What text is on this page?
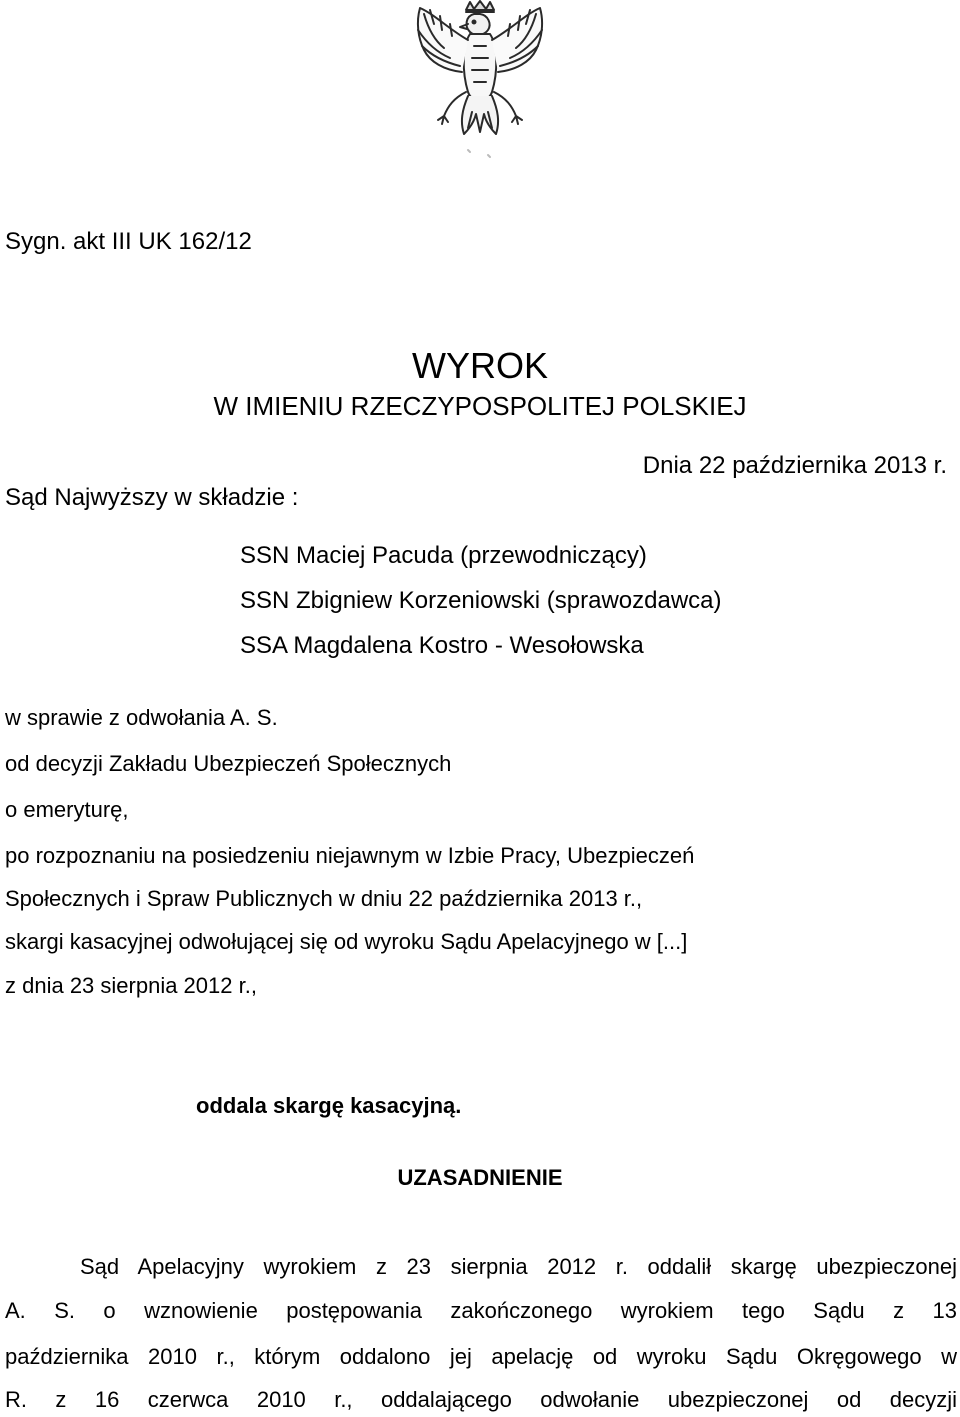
Sygn. akt III UK 162/12
WYROK
W IMIENIU RZECZYPOSPOLITEJ POLSKIEJ
Dnia 22 października 2013 r.
Sąd Najwyższy w składzie :
SSN Maciej Pacuda (przewodniczący)
SSN Zbigniew Korzeniowski (sprawozdawca)
SSA Magdalena Kostro - Wesołowska
w sprawie z odwołania A. S.
od decyzji Zakładu Ubezpieczeń Społecznych
o emeryturę,
po rozpoznaniu na posiedzeniu niejawnym w Izbie Pracy, Ubezpieczeń
Społecznych i Spraw Publicznych w dniu 22 października 2013 r.,
skargi kasacyjnej odwołującej się od wyroku Sądu Apelacyjnego w [...]
z dnia 23 sierpnia 2012 r.,
oddala skargę kasacyjną.
UZASADNIENIE
Sąd Apelacyjny wyrokiem z 23 sierpnia 2012 r. oddalił skargę ubezpieczonej
A. S. o wznowienie postępowania zakończonego wyrokiem tego Sądu z 13
października 2010 r., którym oddalono jej apelację od wyroku Sądu Okręgowego w
R. z 16 czerwca 2010 r., oddalającego odwołanie ubezpieczonej od decyzji
